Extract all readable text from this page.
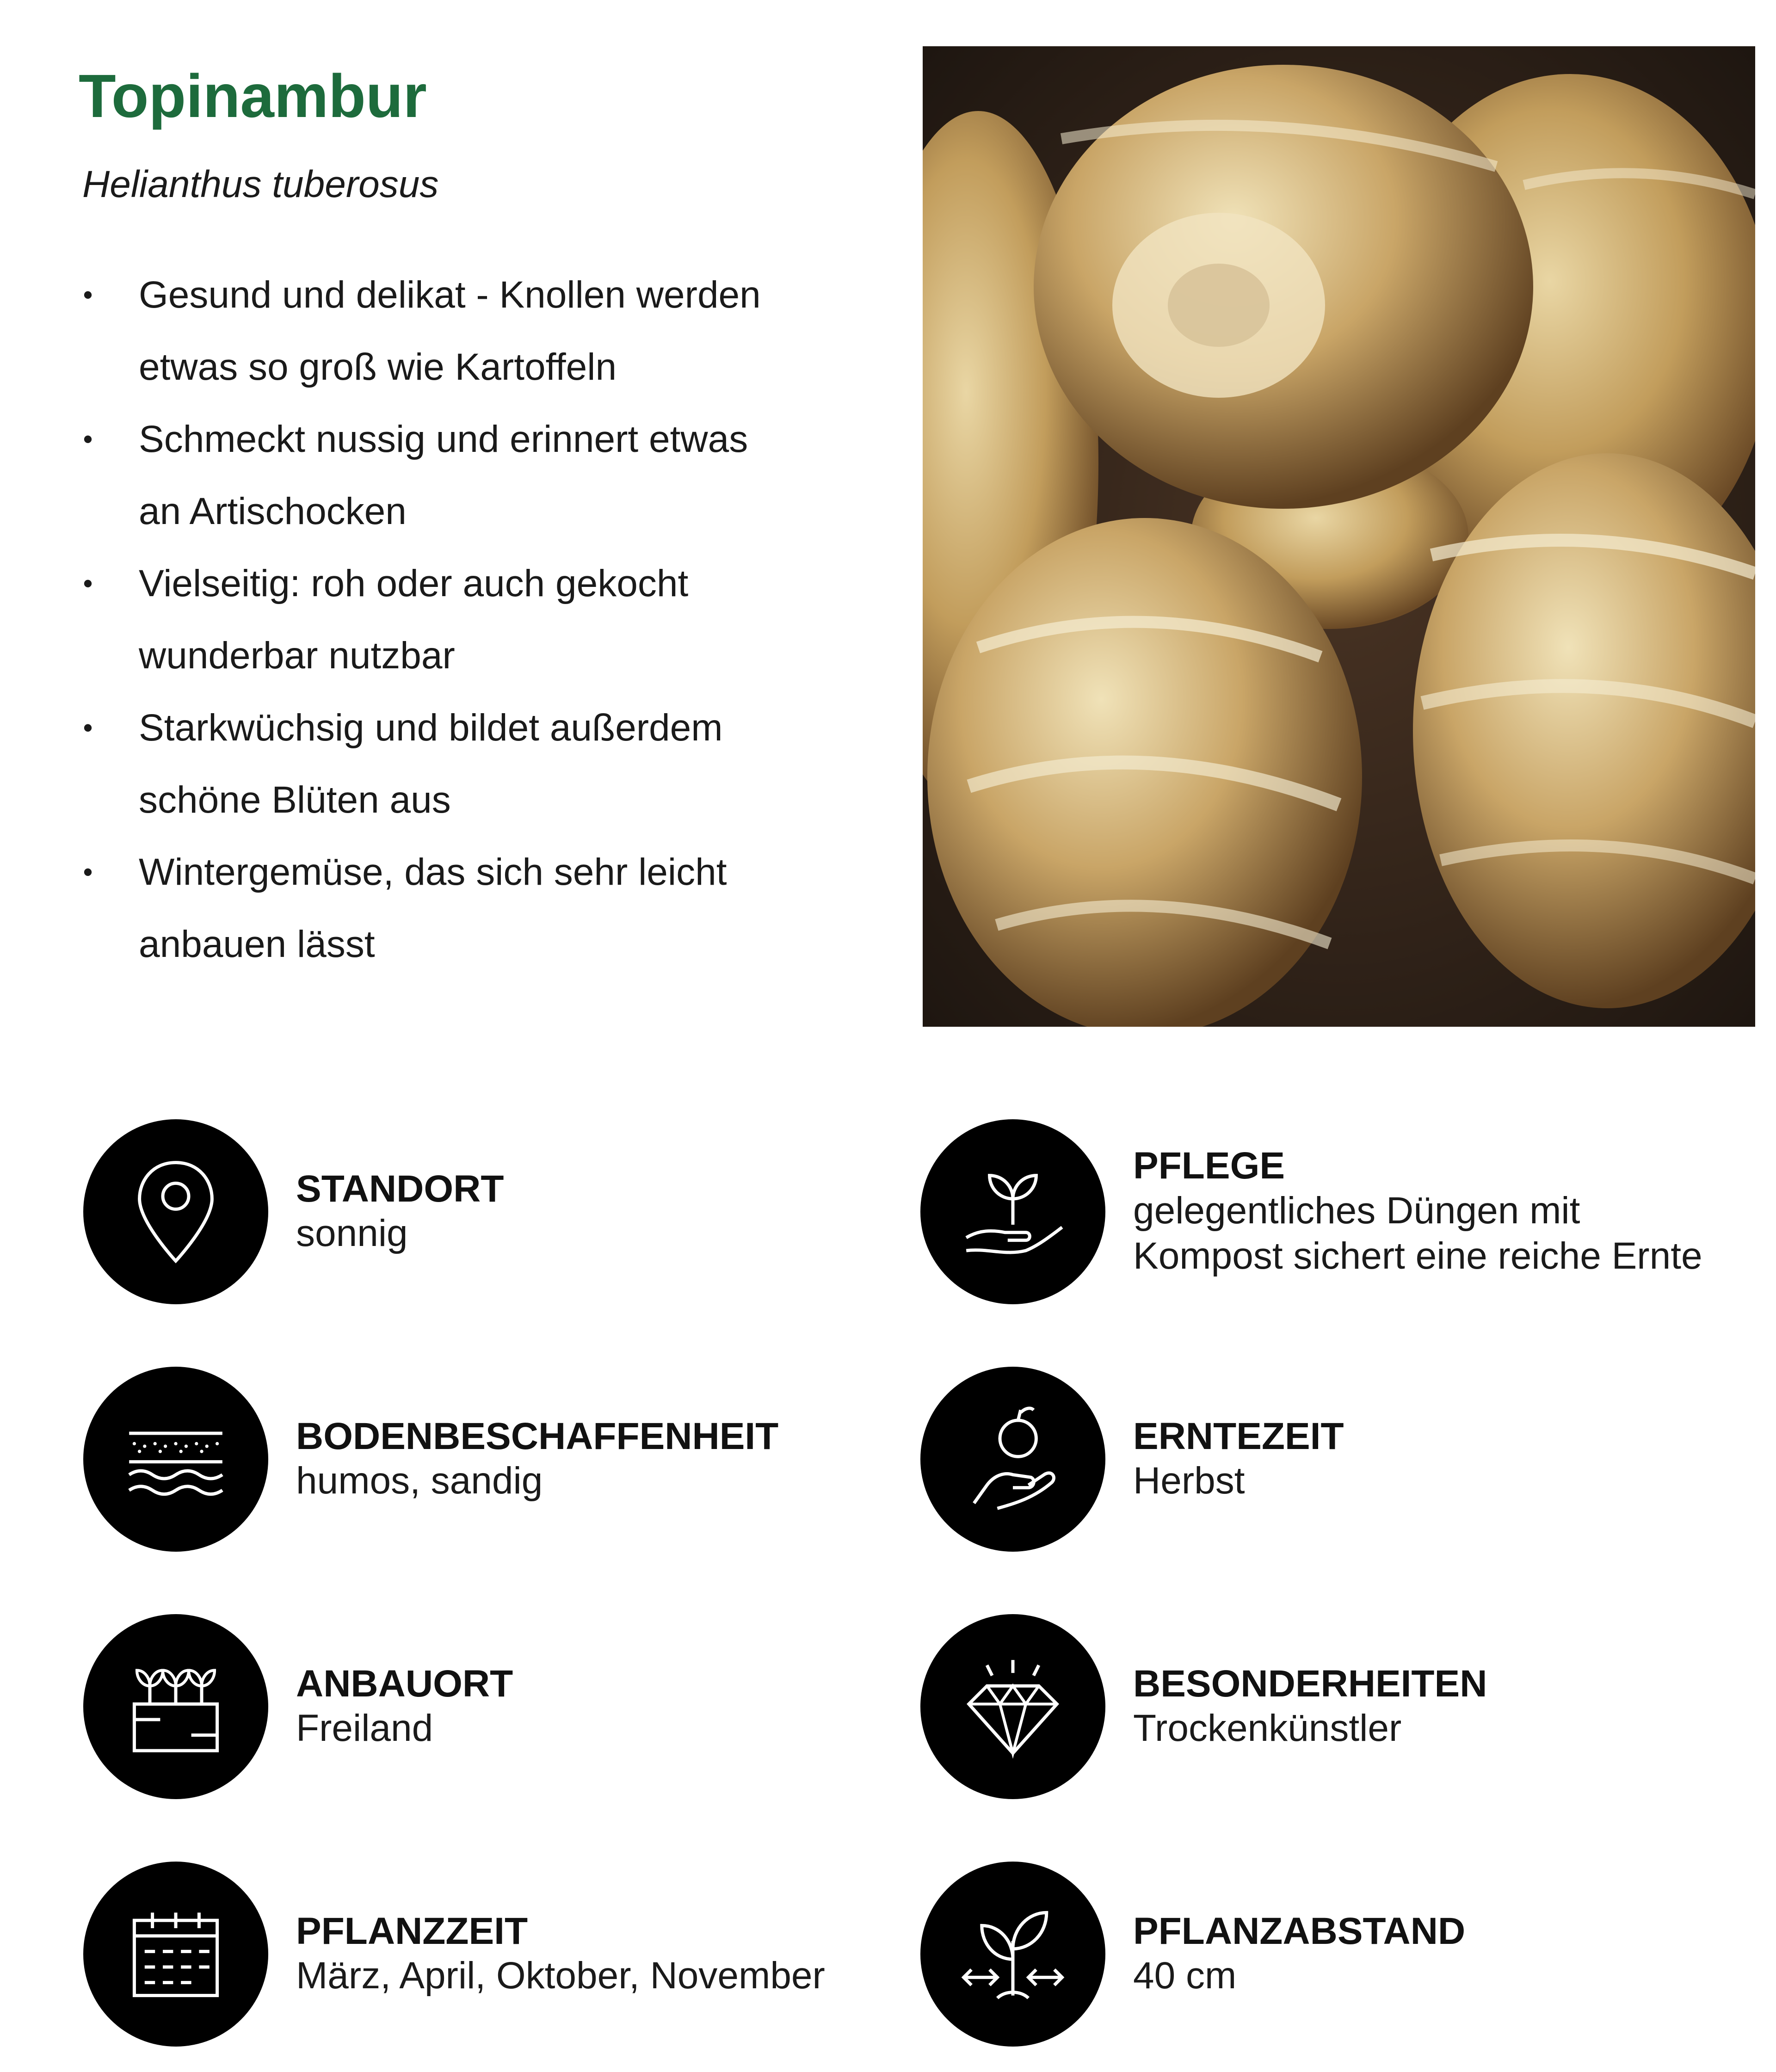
Topinambur
Helianthus tuberosus
• Gesund und delikat - Knollen werden
etwas so groß wie Kartoffeln
• Schmeckt nussig und erinnert etwas
an Artischocken
• Vielseitig: roh oder auch gekocht
wunderbar nutzbar
• Starkwüchsig und bildet außerdem
schöne Blüten aus
• Wintergemüse, das sich sehr leicht
anbauen lässt
STANDORT
sonnig
PFLEGE
gelegentliches Düngen mit
Kompost sichert eine reiche Ernte
BODENBESCHAFFENHEIT
humos, sandig
ERNTEZEIT
Herbst
ANBAUORT
Freiland
BESONDERHEITEN
Trockenkünstler
PFLANZZEIT
März, April, Oktober, November
PFLANZABSTAND
40 cm
